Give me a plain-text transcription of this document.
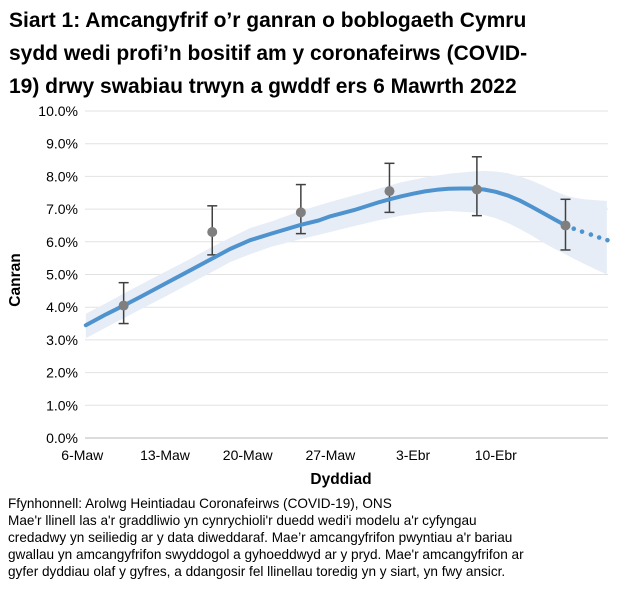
Siart 1: Amcangyfrif o’r ganran o boblogaeth Cymru
sydd wedi profi’n bositif am y coronafeirws (COVID-
19) drwy swabiau trwyn a gwddf ers 6 Mawrth 2022
0.0%
1.0%
2.0%
3.0%
4.0%
5.0%
6.0%
7.0%
8.0%
9.0%
10.0%
6-Maw	13-Maw 20-Maw 27-Maw	3-Ebr	10-Ebr
Dyddiad
Canran

Ffynhonnell: Arolwg Heintiadau Coronafeirws (COVID-19), ONS

Mae'r llinell las a'r graddliwio yn cynrychioli'r duedd wedi'i modelu a'r cyfyngau
credadwy yn seiliedig ar y data diweddaraf. Mae’r amcangyfrifon pwyntiau a'r bariau
gwallau yn amcangyfrifon swyddogol a gyhoeddwyd ar y pryd. Mae'r amcangyfrifon ar
gyfer dyddiau olaf y gyfres, a ddangosir fel llinellau toredig yn y siart, yn fwy ansicr.
